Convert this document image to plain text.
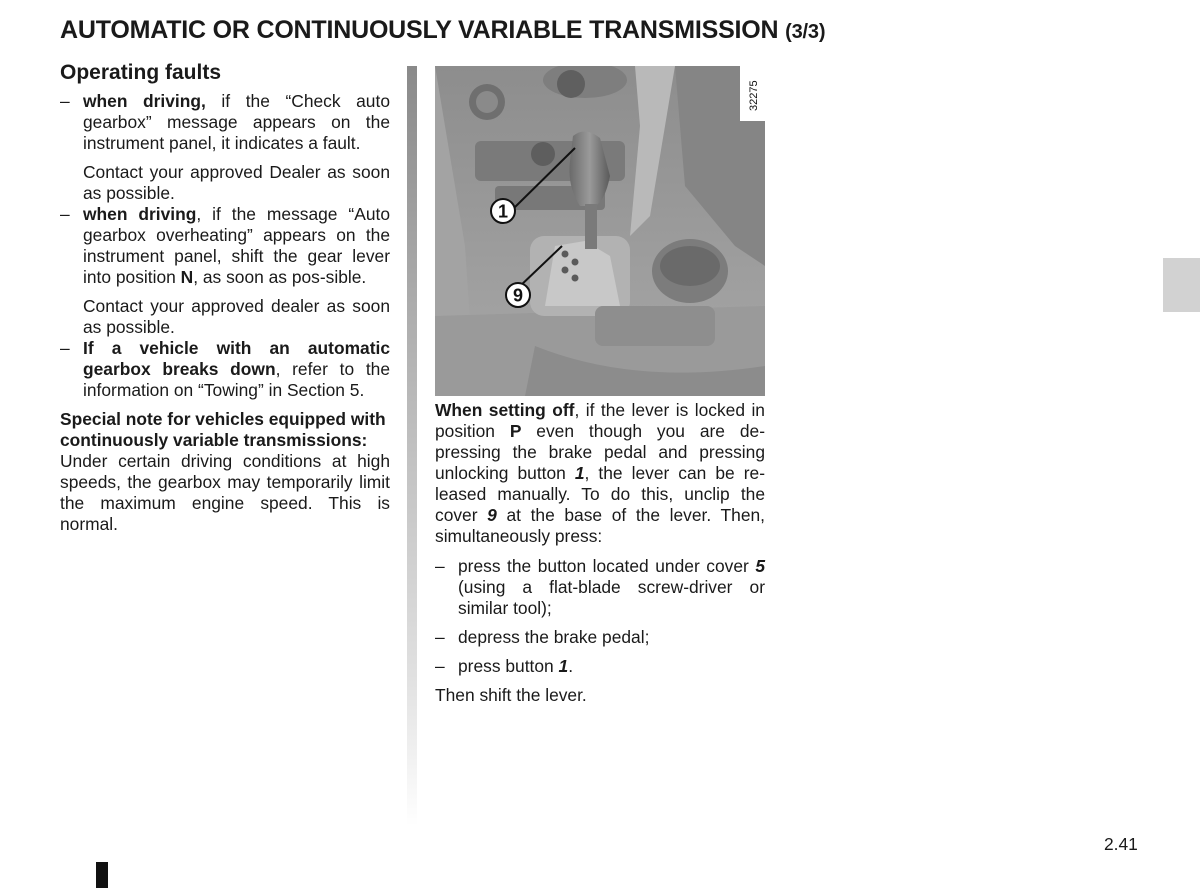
AUTOMATIC OR CONTINUOUSLY VARIABLE TRANSMISSION (3/3)
Operating faults
– when driving, if the “Check auto gearbox” message appears on the instrument panel, it indicates a fault.

Contact your approved Dealer as soon as possible.

– when driving, if the message “Auto gearbox overheating” appears on the instrument panel, shift the gear lever into position N, as soon as pos-sible.

Contact your approved dealer as soon as possible.

– If a vehicle with an automatic gearbox breaks down, refer to the information on “Towing” in Section 5.

Special note for vehicles equipped with continuously variable transmissions:

Under certain driving conditions at high speeds, the gearbox may temporarily limit the maximum engine speed. This is normal.

1
9
32275

When setting off, if the lever is locked in position P even though you are de-pressing the brake pedal and pressing unlocking button 1, the lever can be re-leased manually. To do this, unclip the cover 9 at the base of the lever. Then, simultaneously press:

– press the button located under cover 5 (using a flat-blade screw-driver or similar tool);
– depress the brake pedal;
– press button 1.

Then shift the lever.

2.41
